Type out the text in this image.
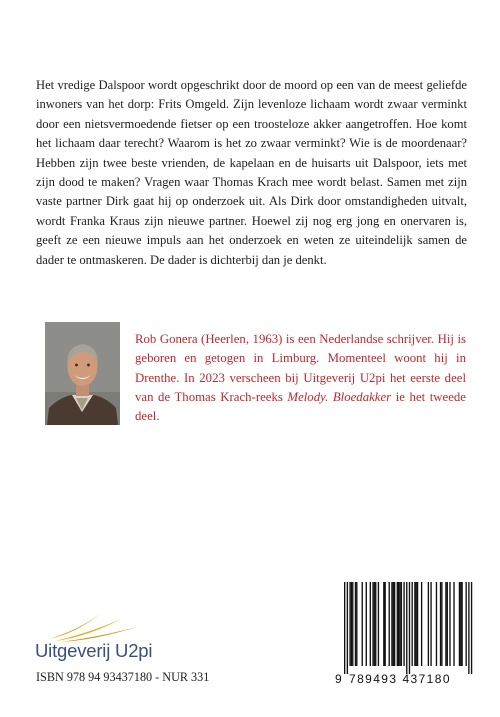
Het vredige Dalspoor wordt opgeschrikt door de moord op een van de meest geliefde inwoners van het dorp: Frits Omgeld. Zijn levenloze lichaam wordt zwaar verminkt door een nietsvermoedende fietser op een troosteloze akker aangetroffen. Hoe komt het lichaam daar terecht? Waarom is het zo zwaar verminkt? Wie is de moordenaar? Hebben zijn twee beste vrienden, de kapelaan en de huisarts uit Dalspoor, iets met zijn dood te maken? Vragen waar Thomas Krach mee wordt belast. Samen met zijn vaste partner Dirk gaat hij op onderzoek uit. Als Dirk door omstandigheden uitvalt, wordt Franka Kraus zijn nieuwe partner. Hoewel zij nog erg jong en onervaren is, geeft ze een nieuwe impuls aan het onderzoek en weten ze uiteindelijk samen de dader te ontmaskeren. De dader is dichterbij dan je denkt.

Rob Gonera (Heerlen, 1963) is een Nederlandse schrijver. Hij is geboren en getogen in Limburg. Momenteel woont hij in Drenthe. In 2023 verscheen bij Uitgeverij U2pi het eerste deel van de Thomas Krach-reeks Melody. Bloedakker ie het tweede deel.

Uitgeverij U2pi
ISBN 978 94 93437180 - NUR 331	9 789493 437180
